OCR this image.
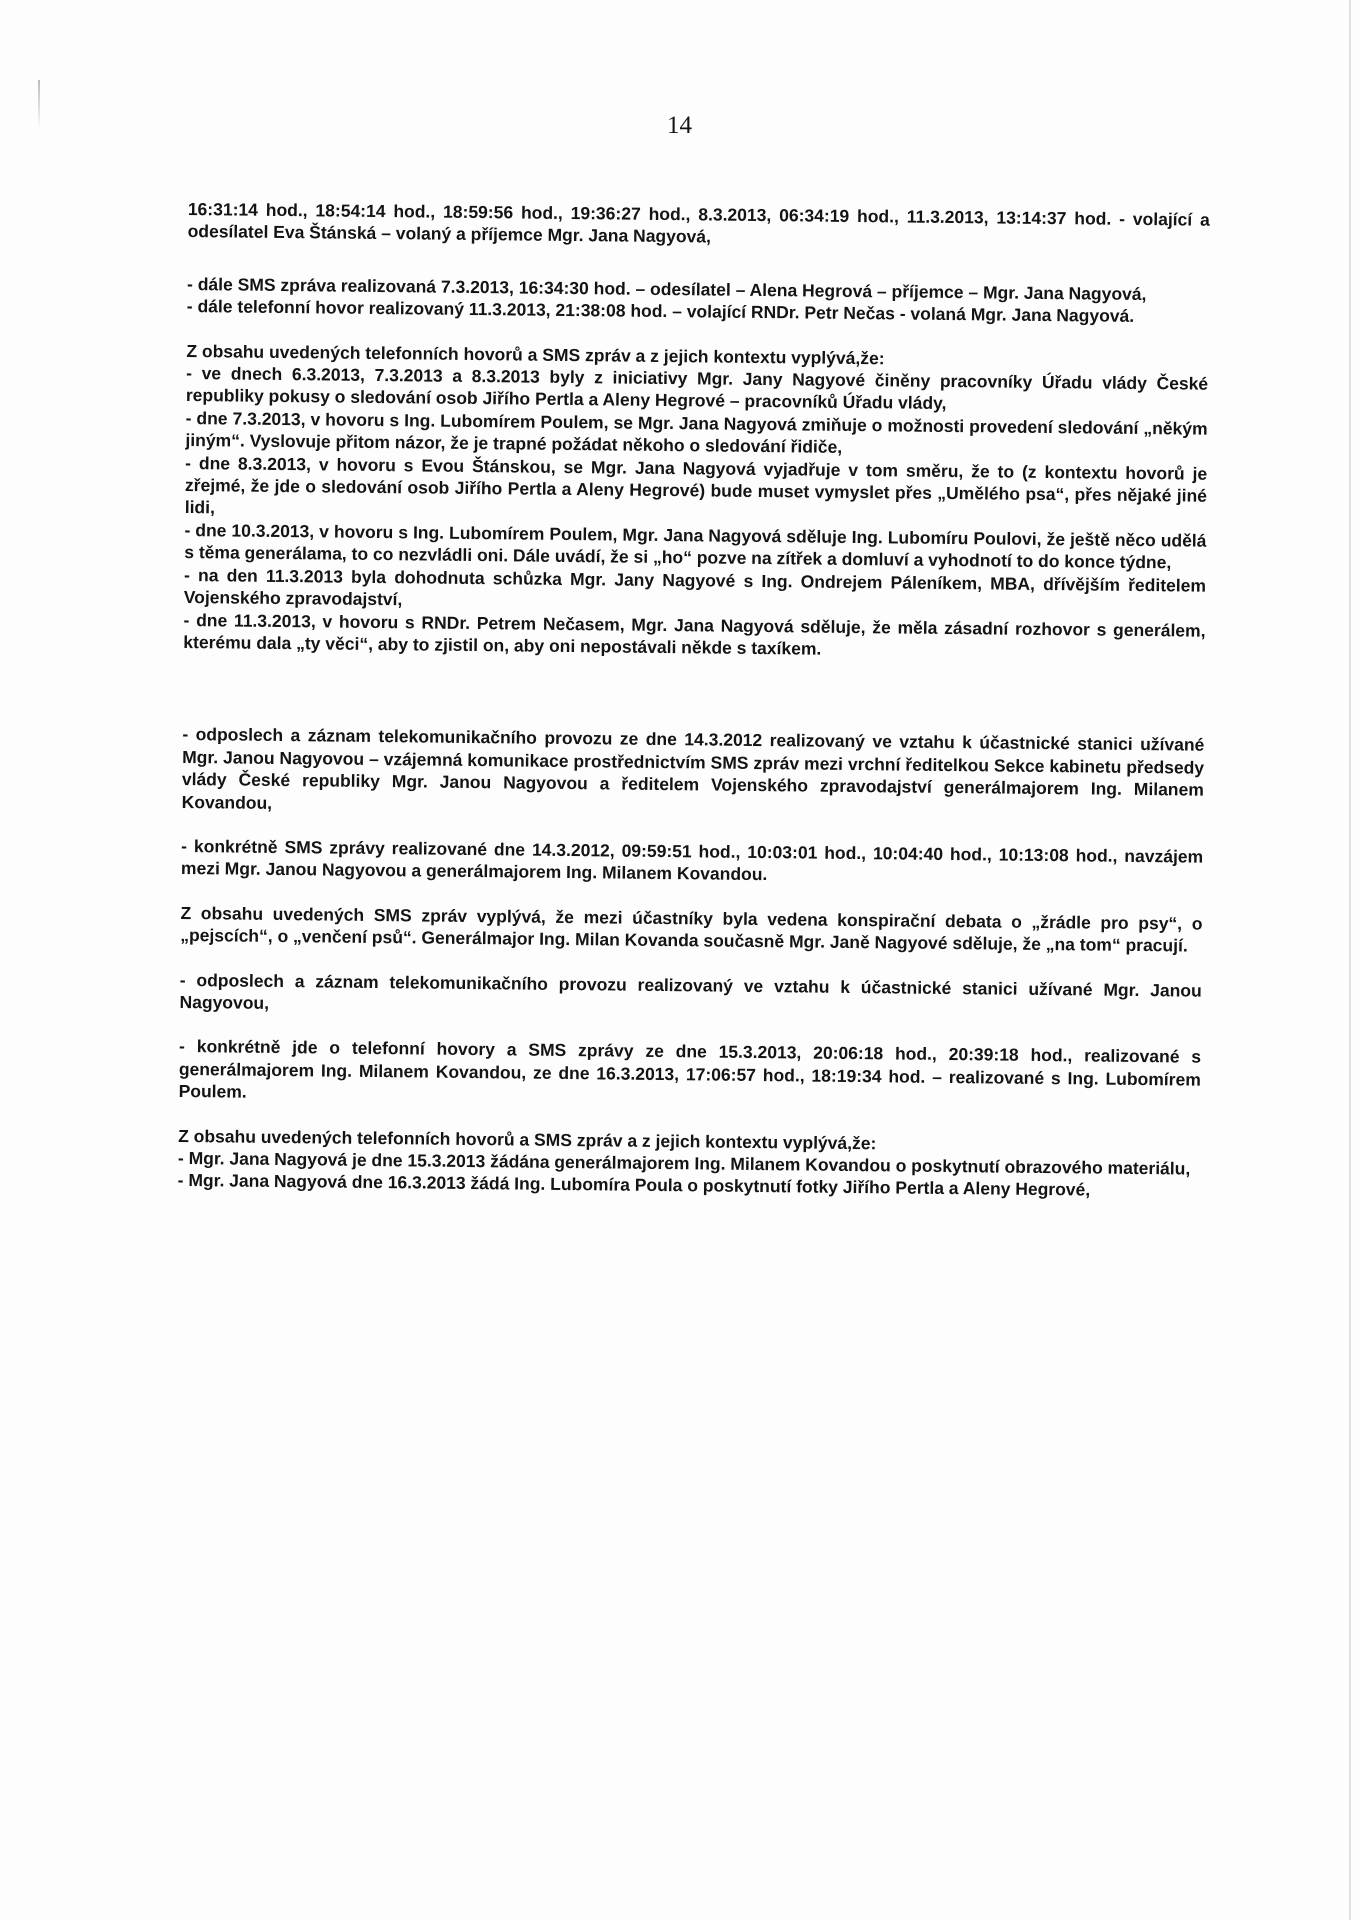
14

16:31:14 hod., 18:54:14 hod., 18:59:56 hod., 19:36:27 hod., 8.3.2013, 06:34:19 hod., 11.3.2013, 13:14:37 hod. - volající a odesílatel Eva Štánská – volaný a příjemce Mgr. Jana Nagyová,

- dále SMS zpráva realizovaná 7.3.2013, 16:34:30 hod. – odesílatel – Alena Hegrová – příjemce – Mgr. Jana Nagyová,

- dále telefonní hovor realizovaný 11.3.2013, 21:38:08 hod. – volající RNDr. Petr Nečas - volaná Mgr. Jana Nagyová.

Z obsahu uvedených telefonních hovorů a SMS zpráv a z jejich kontextu vyplývá,že:

- ve dnech 6.3.2013, 7.3.2013 a 8.3.2013 byly z iniciativy Mgr. Jany Nagyové činěny pracovníky Úřadu vlády České republiky pokusy o sledování osob Jiřího Pertla a Aleny Hegrové – pracovníků Úřadu vlády,

- dne 7.3.2013, v hovoru s Ing. Lubomírem Poulem, se Mgr. Jana Nagyová zmiňuje o možnosti provedení sledování „někým jiným“. Vyslovuje přitom názor, že je trapné požádat někoho o sledování řidiče,

- dne 8.3.2013, v hovoru s Evou Štánskou, se Mgr. Jana Nagyová vyjadřuje v tom směru, že to (z kontextu hovorů je zřejmé, že jde o sledování osob Jiřího Pertla a Aleny Hegrové) bude muset vymyslet přes „Umělého psa“, přes nějaké jiné lidi,

- dne 10.3.2013, v hovoru s Ing. Lubomírem Poulem, Mgr. Jana Nagyová sděluje Ing. Lubomíru Poulovi, že ještě něco udělá s těma generálama, to co nezvládli oni. Dále uvádí, že si „ho“ pozve na zítřek a domluví a vyhodnotí to do konce týdne,

- na den 11.3.2013 byla dohodnuta schůzka Mgr. Jany Nagyové s Ing. Ondrejem Páleníkem, MBA, dřívějším ředitelem Vojenského zpravodajství,

- dne 11.3.2013, v hovoru s RNDr. Petrem Nečasem, Mgr. Jana Nagyová sděluje, že měla zásadní rozhovor s generálem, kterému dala „ty věci“, aby to zjistil on, aby oni nepostávali někde s taxíkem.

- odposlech a záznam telekomunikačního provozu ze dne 14.3.2012 realizovaný ve vztahu k účastnické stanici užívané Mgr. Janou Nagyovou – vzájemná komunikace prostřednictvím SMS zpráv mezi vrchní ředitelkou Sekce kabinetu předsedy vlády České republiky Mgr. Janou Nagyovou a ředitelem Vojenského zpravodajství generálmajorem Ing. Milanem Kovandou,

- konkrétně SMS zprávy realizované dne 14.3.2012, 09:59:51 hod., 10:03:01 hod., 10:04:40 hod., 10:13:08 hod., navzájem mezi Mgr. Janou Nagyovou a generálmajorem Ing. Milanem Kovandou.

Z obsahu uvedených SMS zpráv vyplývá, že mezi účastníky byla vedena konspirační debata o „žrádle pro psy“, o „pejscích“, o „venčení psů“. Generálmajor Ing. Milan Kovanda současně Mgr. Janě Nagyové sděluje, že „na tom“ pracují.

- odposlech a záznam telekomunikačního provozu realizovaný ve vztahu k účastnické stanici užívané Mgr. Janou Nagyovou,

- konkrétně jde o telefonní hovory a SMS zprávy ze dne 15.3.2013, 20:06:18 hod., 20:39:18 hod., realizované s generálmajorem Ing. Milanem Kovandou, ze dne 16.3.2013, 17:06:57 hod., 18:19:34 hod. – realizované s Ing. Lubomírem Poulem.

Z obsahu uvedených telefonních hovorů a SMS zpráv a z jejich kontextu vyplývá,že:

- Mgr. Jana Nagyová je dne 15.3.2013 žádána generálmajorem Ing. Milanem Kovandou o poskytnutí obrazového materiálu,

- Mgr. Jana Nagyová dne 16.3.2013 žádá Ing. Lubomíra Poula o poskytnutí fotky Jiřího Pertla a Aleny Hegrové,
